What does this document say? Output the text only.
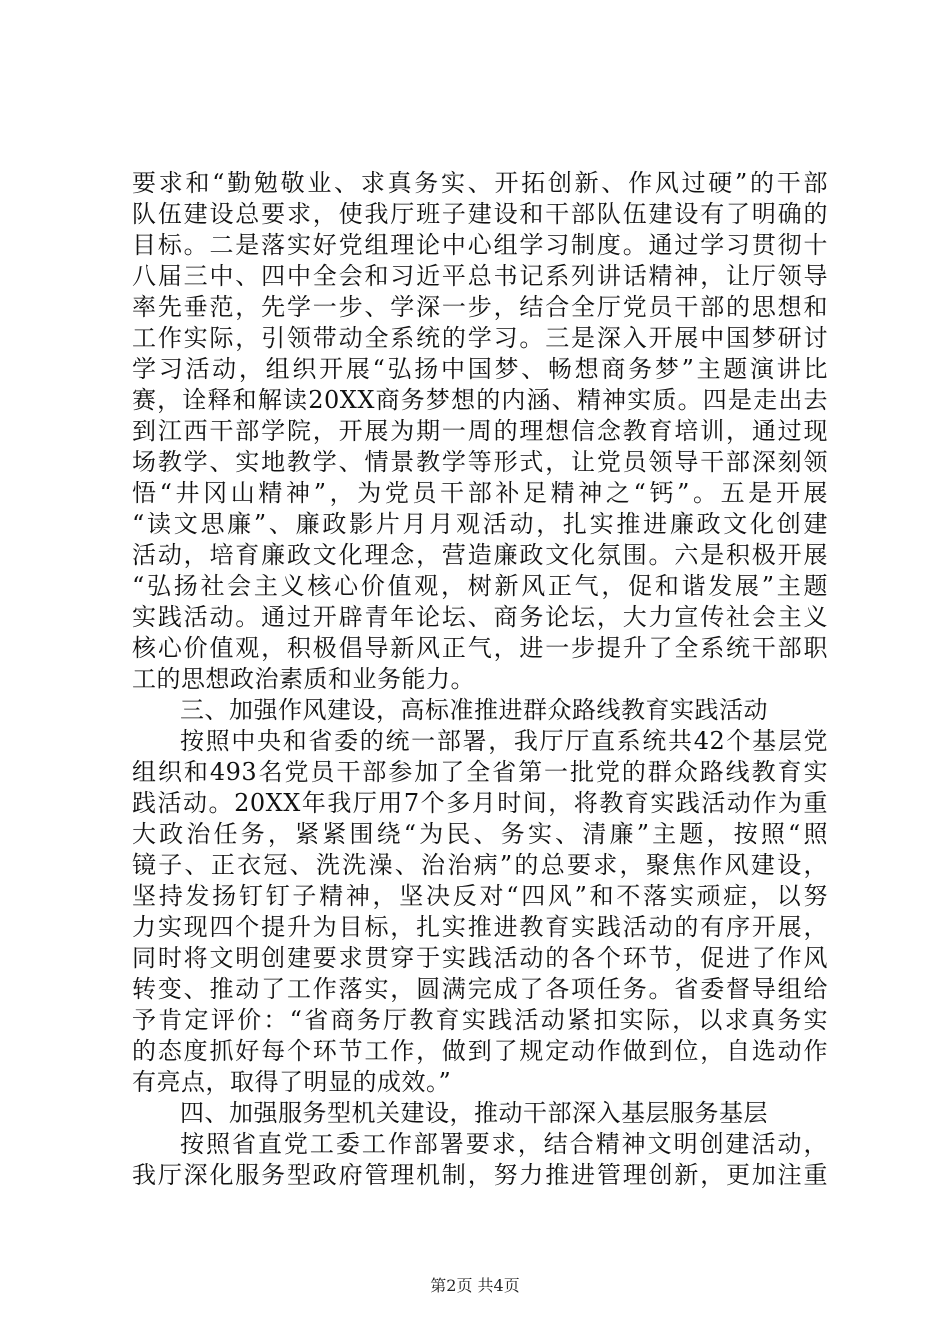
要求和“勤勉敬业、求真务实、开拓创新、作风过硬”的干部
队伍建设总要求，使我厅班子建设和干部队伍建设有了明确的
目标。二是落实好党组理论中心组学习制度。通过学习贯彻十
八届三中、四中全会和习近平总书记系列讲话精神，让厅领导
率先垂范，先学一步、学深一步，结合全厅党员干部的思想和
工作实际，引领带动全系统的学习。三是深入开展中国梦研讨
学习活动，组织开展“弘扬中国梦、畅想商务梦”主题演讲比
赛，诠释和解读20XX商务梦想的内涵、精神实质。四是走出去
到江西干部学院，开展为期一周的理想信念教育培训，通过现
场教学、实地教学、情景教学等形式，让党员领导干部深刻领
悟“井冈山精神”，为党员干部补足精神之“钙”。五是开展
“读文思廉”、廉政影片月月观活动，扎实推进廉政文化创建
活动，培育廉政文化理念，营造廉政文化氛围。六是积极开展
“弘扬社会主义核心价值观，树新风正气，促和谐发展”主题
实践活动。通过开辟青年论坛、商务论坛，大力宣传社会主义
核心价值观，积极倡导新风正气，进一步提升了全系统干部职
工的思想政治素质和业务能力。
三、加强作风建设，高标准推进群众路线教育实践活动
按照中央和省委的统一部署，我厅厅直系统共42个基层党
组织和493名党员干部参加了全省第一批党的群众路线教育实
践活动。20XX年我厅用7个多月时间，将教育实践活动作为重
大政治任务，紧紧围绕“为民、务实、清廉”主题，按照“照
镜子、正衣冠、洗洗澡、治治病”的总要求，聚焦作风建设，
坚持发扬钉钉子精神，坚决反对“四风”和不落实顽症，以努
力实现四个提升为目标，扎实推进教育实践活动的有序开展，
同时将文明创建要求贯穿于实践活动的各个环节，促进了作风
转变、推动了工作落实，圆满完成了各项任务。省委督导组给
予肯定评价：“省商务厅教育实践活动紧扣实际，以求真务实
的态度抓好每个环节工作，做到了规定动作做到位，自选动作
有亮点，取得了明显的成效。”
四、加强服务型机关建设，推动干部深入基层服务基层
按照省直党工委工作部署要求，结合精神文明创建活动，
我厅深化服务型政府管理机制，努力推进管理创新，更加注重
第2页 共4页
